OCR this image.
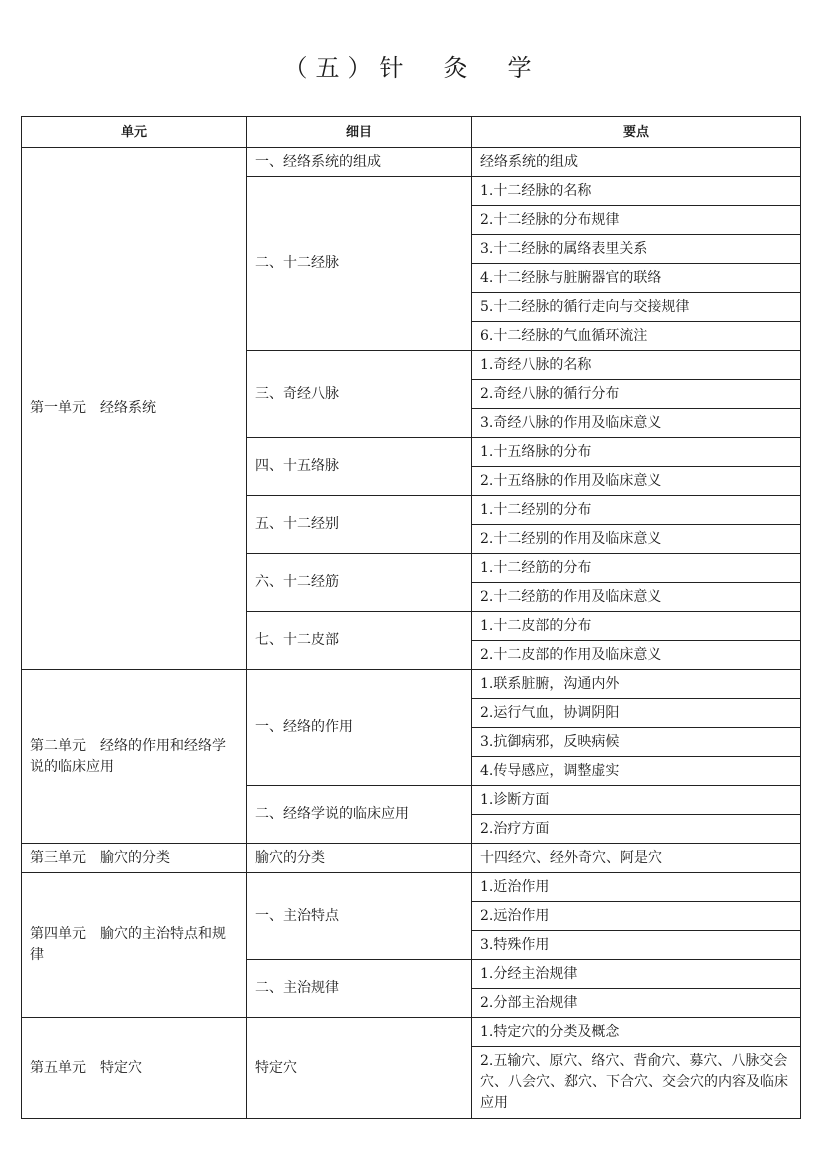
（五）针　灸　学
单元	细目	要点
第一单元　经络系统	一、经络系统的组成	经络系统的组成
	二、十二经脉	1.十二经脉的名称
		2.十二经脉的分布规律
		3.十二经脉的属络表里关系
		4.十二经脉与脏腑器官的联络
		5.十二经脉的循行走向与交接规律
		6.十二经脉的气血循环流注
	三、奇经八脉	1.奇经八脉的名称
		2.奇经八脉的循行分布
		3.奇经八脉的作用及临床意义
	四、十五络脉	1.十五络脉的分布
		2.十五络脉的作用及临床意义
	五、十二经别	1.十二经别的分布
		2.十二经别的作用及临床意义
	六、十二经筋	1.十二经筋的分布
		2.十二经筋的作用及临床意义
	七、十二皮部	1.十二皮部的分布
		2.十二皮部的作用及临床意义
第二单元　经络的作用和经络学说的临床应用	一、经络的作用	1.联系脏腑，沟通内外
		2.运行气血，协调阴阳
		3.抗御病邪，反映病候
		4.传导感应，调整虚实
	二、经络学说的临床应用	1.诊断方面
		2.治疗方面
第三单元　腧穴的分类	腧穴的分类	十四经穴、经外奇穴、阿是穴
第四单元　腧穴的主治特点和规律	一、主治特点	1.近治作用
		2.远治作用
		3.特殊作用
	二、主治规律	1.分经主治规律
		2.分部主治规律
第五单元　特定穴	特定穴	1.特定穴的分类及概念
		2.五输穴、原穴、络穴、背俞穴、募穴、八脉交会穴、八会穴、郄穴、下合穴、交会穴的内容及临床应用
